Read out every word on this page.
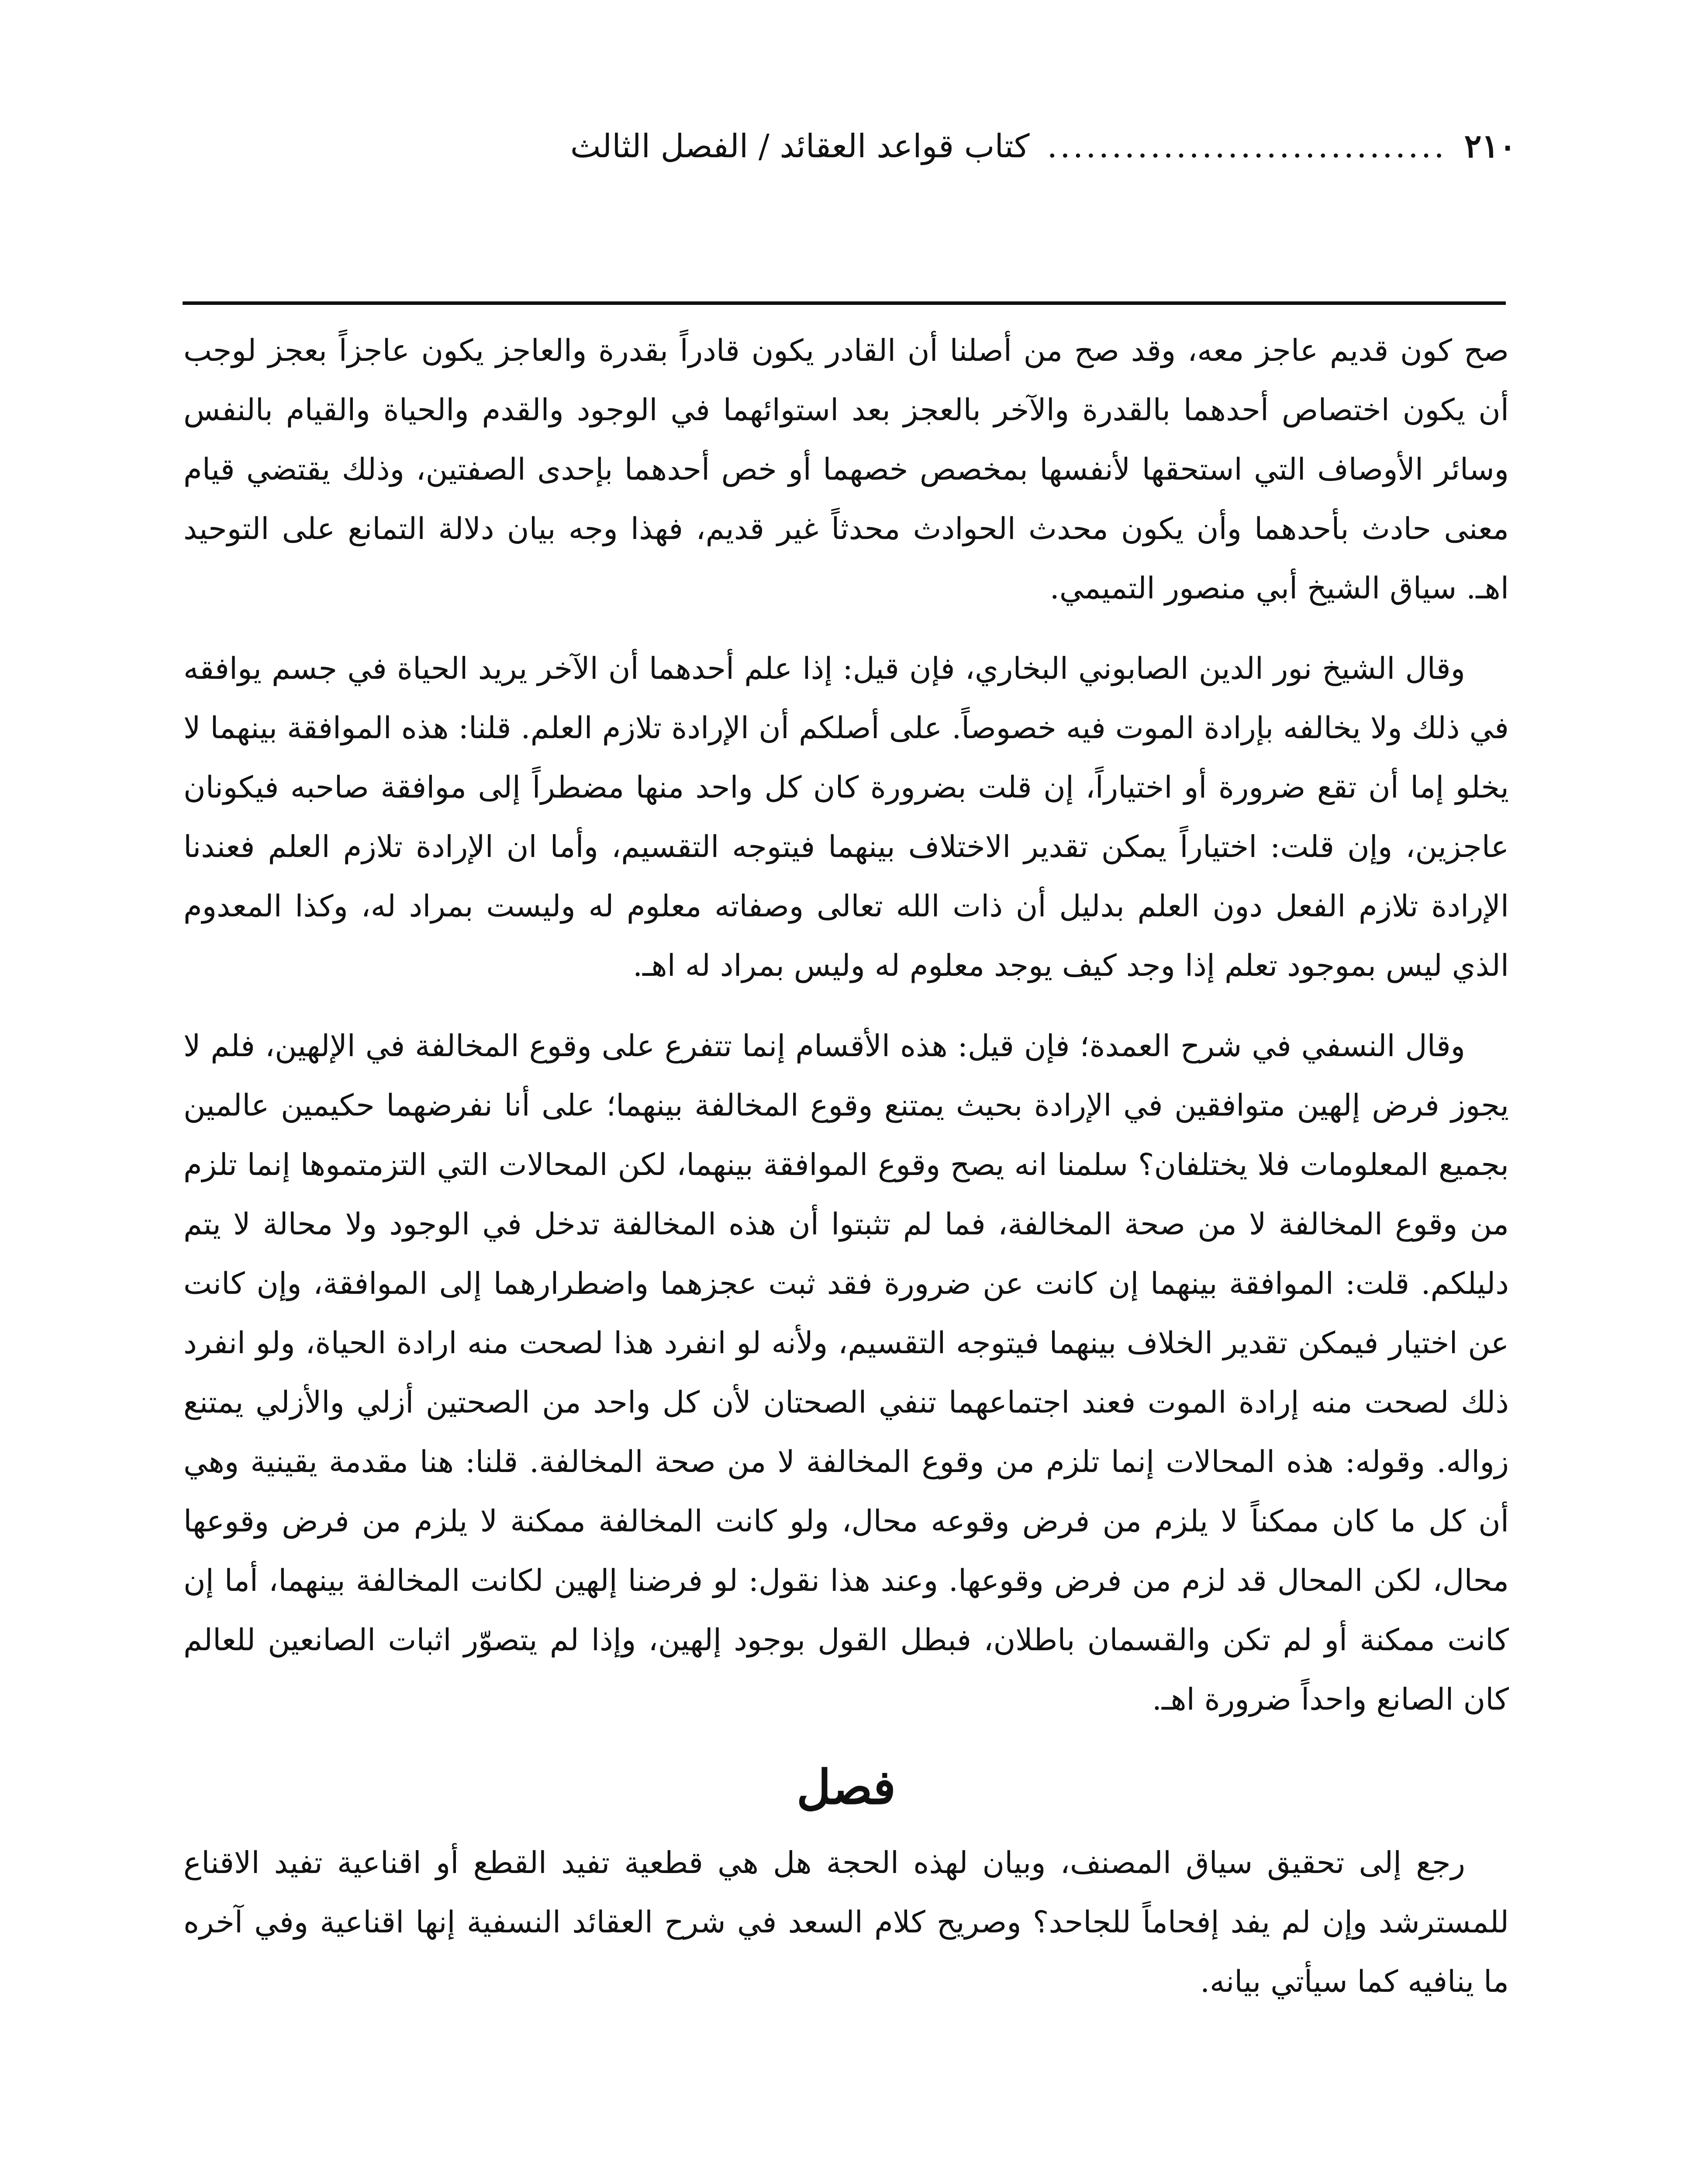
٢١٠
...............................
كتاب قواعد العقائد / الفصل الثالث

صح كون قديم عاجز معه، وقد صح من أصلنا أن القادر يكون قادراً بقدرة والعاجز يكون عاجزاً بعجز لوجب أن يكون اختصاص أحدهما بالقدرة والآخر بالعجز بعد استوائهما في الوجود والقدم والحياة والقيام بالنفس وسائر الأوصاف التي استحقها لأنفسها بمخصص خصهما أو خص أحدهما بإحدى الصفتين، وذلك يقتضي قيام معنى حادث بأحدهما وأن يكون محدث الحوادث محدثاً غير قديم، فهذا وجه بيان دلالة التمانع على التوحيد اهـ. سياق الشيخ أبي منصور التميمي.

وقال الشيخ نور الدين الصابوني البخاري، فإن قيل: إذا علم أحدهما أن الآخر يريد الحياة في جسم يوافقه في ذلك ولا يخالفه بإرادة الموت فيه خصوصاً. على أصلكم أن الإرادة تلازم العلم. قلنا: هذه الموافقة بينهما لا يخلو إما أن تقع ضرورة أو اختياراً، إن قلت بضرورة كان كل واحد منها مضطراً إلى موافقة صاحبه فيكونان عاجزين، وإن قلت: اختياراً يمكن تقدير الاختلاف بينهما فيتوجه التقسيم، وأما ان الإرادة تلازم العلم فعندنا الإرادة تلازم الفعل دون العلم بدليل أن ذات الله تعالى وصفاته معلوم له وليست بمراد له، وكذا المعدوم الذي ليس بموجود تعلم إذا وجد كيف يوجد معلوم له وليس بمراد له اهـ.

وقال النسفي في شرح العمدة؛ فإن قيل: هذه الأقسام إنما تتفرع على وقوع المخالفة في الإلهين، فلم لا يجوز فرض إلهين متوافقين في الإرادة بحيث يمتنع وقوع المخالفة بينهما؛ على أنا نفرضهما حكيمين عالمين بجميع المعلومات فلا يختلفان؟ سلمنا انه يصح وقوع الموافقة بينهما، لكن المحالات التي التزمتموها إنما تلزم من وقوع المخالفة لا من صحة المخالفة، فما لم تثبتوا أن هذه المخالفة تدخل في الوجود ولا محالة لا يتم دليلكم. قلت: الموافقة بينهما إن كانت عن ضرورة فقد ثبت عجزهما واضطرارهما إلى الموافقة، وإن كانت عن اختيار فيمكن تقدير الخلاف بينهما فيتوجه التقسيم، ولأنه لو انفرد هذا لصحت منه ارادة الحياة، ولو انفرد ذلك لصحت منه إرادة الموت فعند اجتماعهما تنفي الصحتان لأن كل واحد من الصحتين أزلي والأزلي يمتنع زواله. وقوله: هذه المحالات إنما تلزم من وقوع المخالفة لا من صحة المخالفة. قلنا: هنا مقدمة يقينية وهي أن كل ما كان ممكناً لا يلزم من فرض وقوعه محال، ولو كانت المخالفة ممكنة لا يلزم من فرض وقوعها محال، لكن المحال قد لزم من فرض وقوعها. وعند هذا نقول: لو فرضنا إلهين لكانت المخالفة بينهما، أما إن كانت ممكنة أو لم تكن والقسمان باطلان، فبطل القول بوجود إلهين، وإذا لم يتصوّر اثبات الصانعين للعالم كان الصانع واحداً ضرورة اهـ.

فصل

رجع إلى تحقيق سياق المصنف، وبيان لهذه الحجة هل هي قطعية تفيد القطع أو اقناعية تفيد الاقناع للمسترشد وإن لم يفد إفحاماً للجاحد؟ وصريح كلام السعد في شرح العقائد النسفية إنها اقناعية وفي آخره ما ينافيه كما سيأتي بيانه.
